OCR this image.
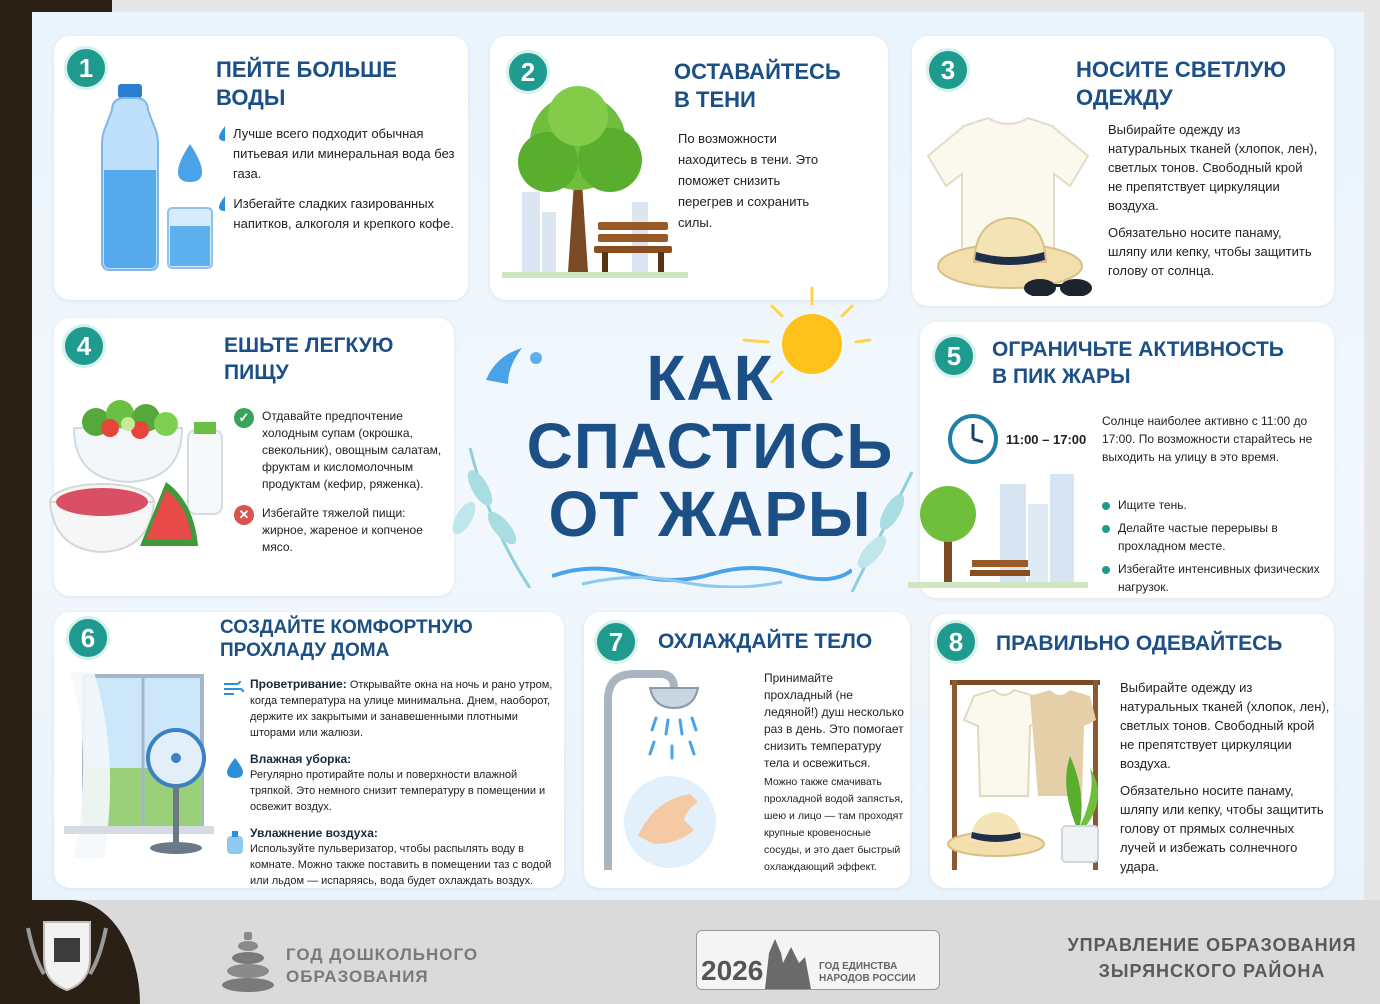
1	ПЕЙТЕ БОЛЬШЕ
ВОДЫ
Лучше всего подходит обычная питьевая или минеральная вода без газа.
Избегайте сладких газированных напитков, алкоголя и крепкого кофе.
2	ОСТАВАЙТЕСЬ
В ТЕНИ
По возможности находитесь в тени. Это поможет снизить перегрев и сохранить силы.
3	НОСИТЕ СВЕТЛУЮ
ОДЕЖДУ
Выбирайте одежду из натуральных тканей (хлопок, лен), светлых тонов. Свободный крой не препятствует циркуляции воздуха.
Обязательно носите панаму, шляпу или кепку, чтобы защитить голову от солнца.
4	ЕШЬТЕ ЛЕГКУЮ
ПИЩУ
✓	Отдавайте предпочтение холодным супам (окрошка, свекольник), овощным салатам, фруктам и кисломолочным продуктам (кефир, ряженка).
✕	Избегайте тяжелой пищи: жирное, жареное и копченое мясо.
КАК СПАСТИСЬ ОТ ЖАРЫ
5	ОГРАНИЧЬТЕ АКТИВНОСТЬ
В ПИК ЖАРЫ
11:00 – 17:00
Солнце наиболее активно с 11:00 до 17:00. По возможности старайтесь не выходить на улицу в это время.
Ищите тень.
Делайте частые перерывы в прохладном месте.
Избегайте интенсивных физических нагрузок.
6	СОЗДАЙТЕ КОМФОРТНУЮ
ПРОХЛАДУ ДОМА
Проветривание: Открывайте окна на ночь и рано утром, когда температура на улице минимальна. Днем, наоборот, держите их закрытыми и занавешенными плотными шторами или жалюзи.
Влажная уборка:
Регулярно протирайте полы и поверхности влажной тряпкой. Это немного снизит температуру в помещении и освежит воздух.
Увлажнение воздуха:
Используйте пульверизатор, чтобы распылять воду в комнате. Можно также поставить в помещении таз с водой или льдом — испаряясь, вода будет охлаждать воздух.
7	ОХЛАЖДАЙТЕ ТЕЛО
Принимайте прохладный (не ледяной!) душ несколько раз в день. Это помогает снизить температуру тела и освежиться.
Можно также смачивать прохладной водой запястья, шею и лицо — там проходят крупные кровеносные сосуды, и это дает быстрый охлаждающий эффект.
8	ПРАВИЛЬНО ОДЕВАЙТЕСЬ
Выбирайте одежду из натуральных тканей (хлопок, лен), светлых тонов. Свободный крой не препятствует циркуляции воздуха.
Обязательно носите панаму, шляпу или кепку, чтобы защитить голову от прямых солнечных лучей и избежать солнечного удара.
ГОД ДОШКОЛЬНОГО
ОБРАЗОВАНИЯ	2026	ГОД ЕДИНСТВА
НАРОДОВ РОССИИ
УПРАВЛЕНИЕ ОБРАЗОВАНИЯ
ЗЫРЯНСКОГО РАЙОНА
